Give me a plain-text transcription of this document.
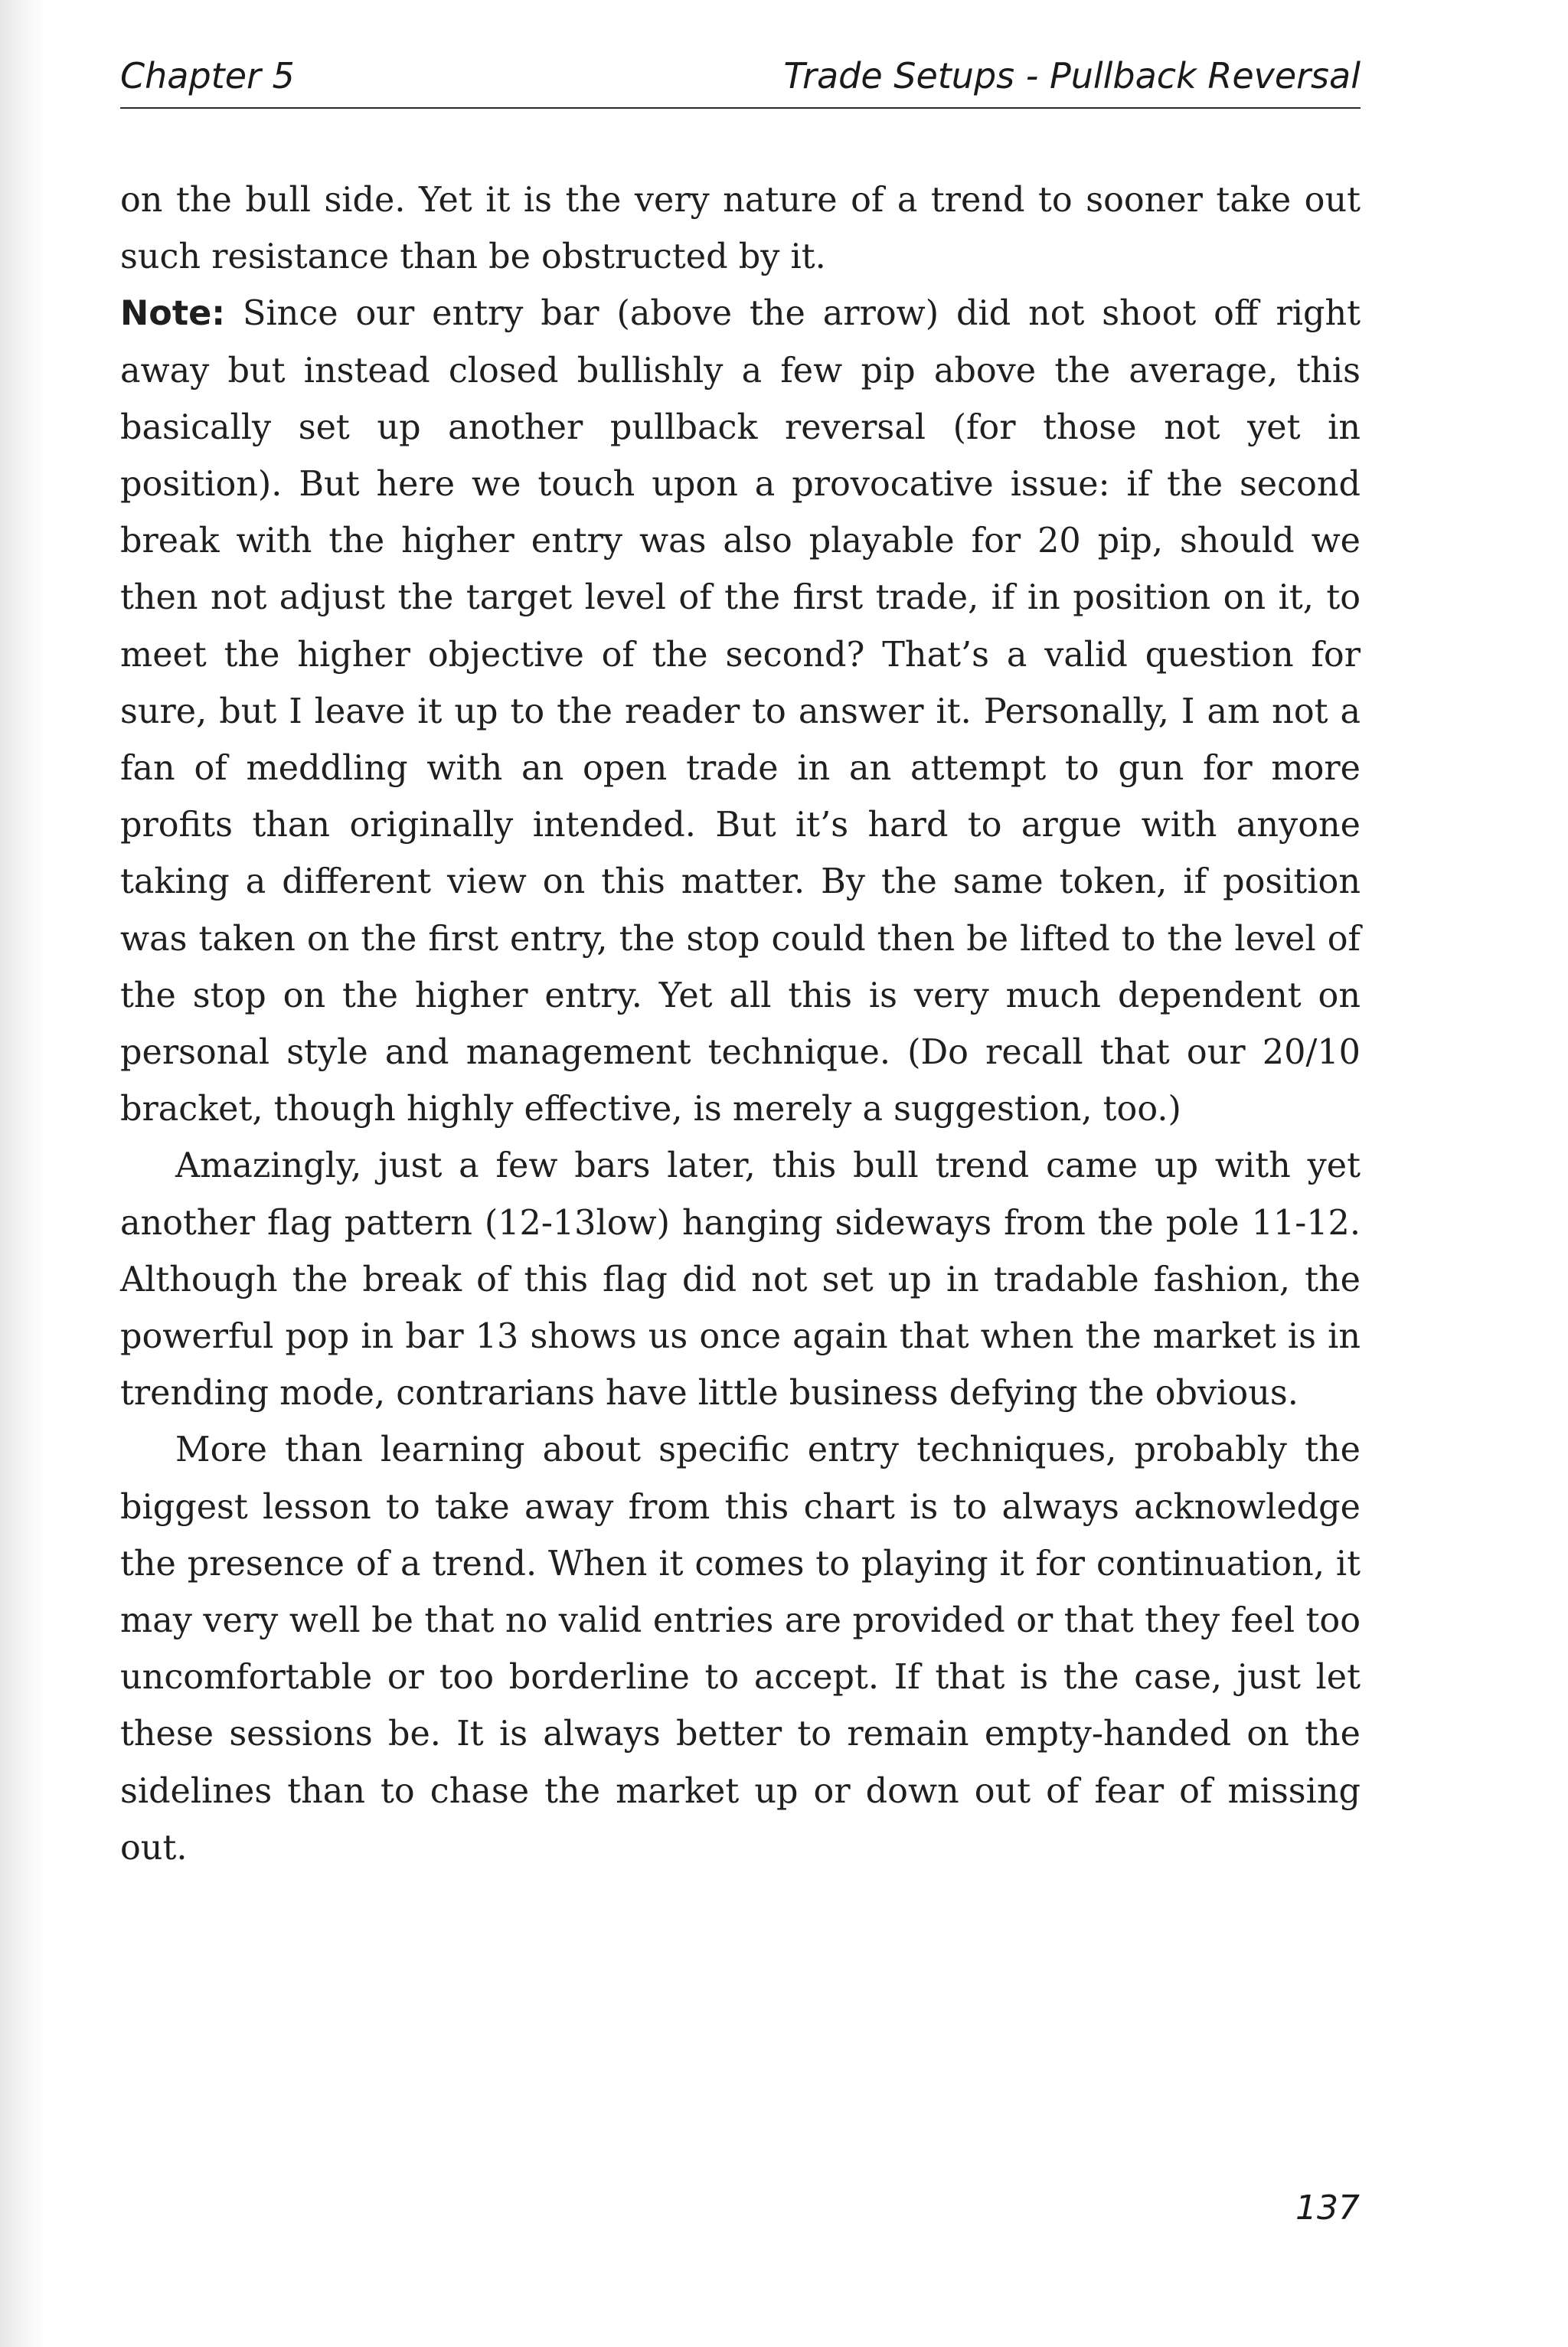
Chapter 5	Trade Setups - Pullback Reversal

on the bull side. Yet it is the very nature of a trend to sooner take out such resistance than be obstructed by it.

Note: Since our entry bar (above the arrow) did not shoot off right away but instead closed bullishly a few pip above the average, this basically set up another pullback reversal (for those not yet in position). But here we touch upon a provocative issue: if the second break with the higher entry was also playable for 20 pip, should we then not adjust the target level of the first trade, if in position on it, to meet the higher objective of the second? That’s a valid question for sure, but I leave it up to the reader to answer it. Personally, I am not a fan of meddling with an open trade in an attempt to gun for more profits than originally intended. But it’s hard to argue with anyone taking a different view on this matter. By the same token, if position was taken on the first entry, the stop could then be lifted to the level of the stop on the higher entry. Yet all this is very much dependent on personal style and management technique. (Do recall that our 20/10 bracket, though highly effective, is merely a suggestion, too.)

Amazingly, just a few bars later, this bull trend came up with yet another flag pattern (12-13low) hanging sideways from the pole 11-12. Although the break of this flag did not set up in tradable fashion, the powerful pop in bar 13 shows us once again that when the market is in trending mode, contrarians have little business defying the obvious.

More than learning about specific entry techniques, probably the biggest lesson to take away from this chart is to always acknowledge the presence of a trend. When it comes to playing it for continuation, it may very well be that no valid entries are provided or that they feel too uncomfortable or too borderline to accept. If that is the case, just let these sessions be. It is always better to remain empty-handed on the sidelines than to chase the market up or down out of fear of missing out.

137
